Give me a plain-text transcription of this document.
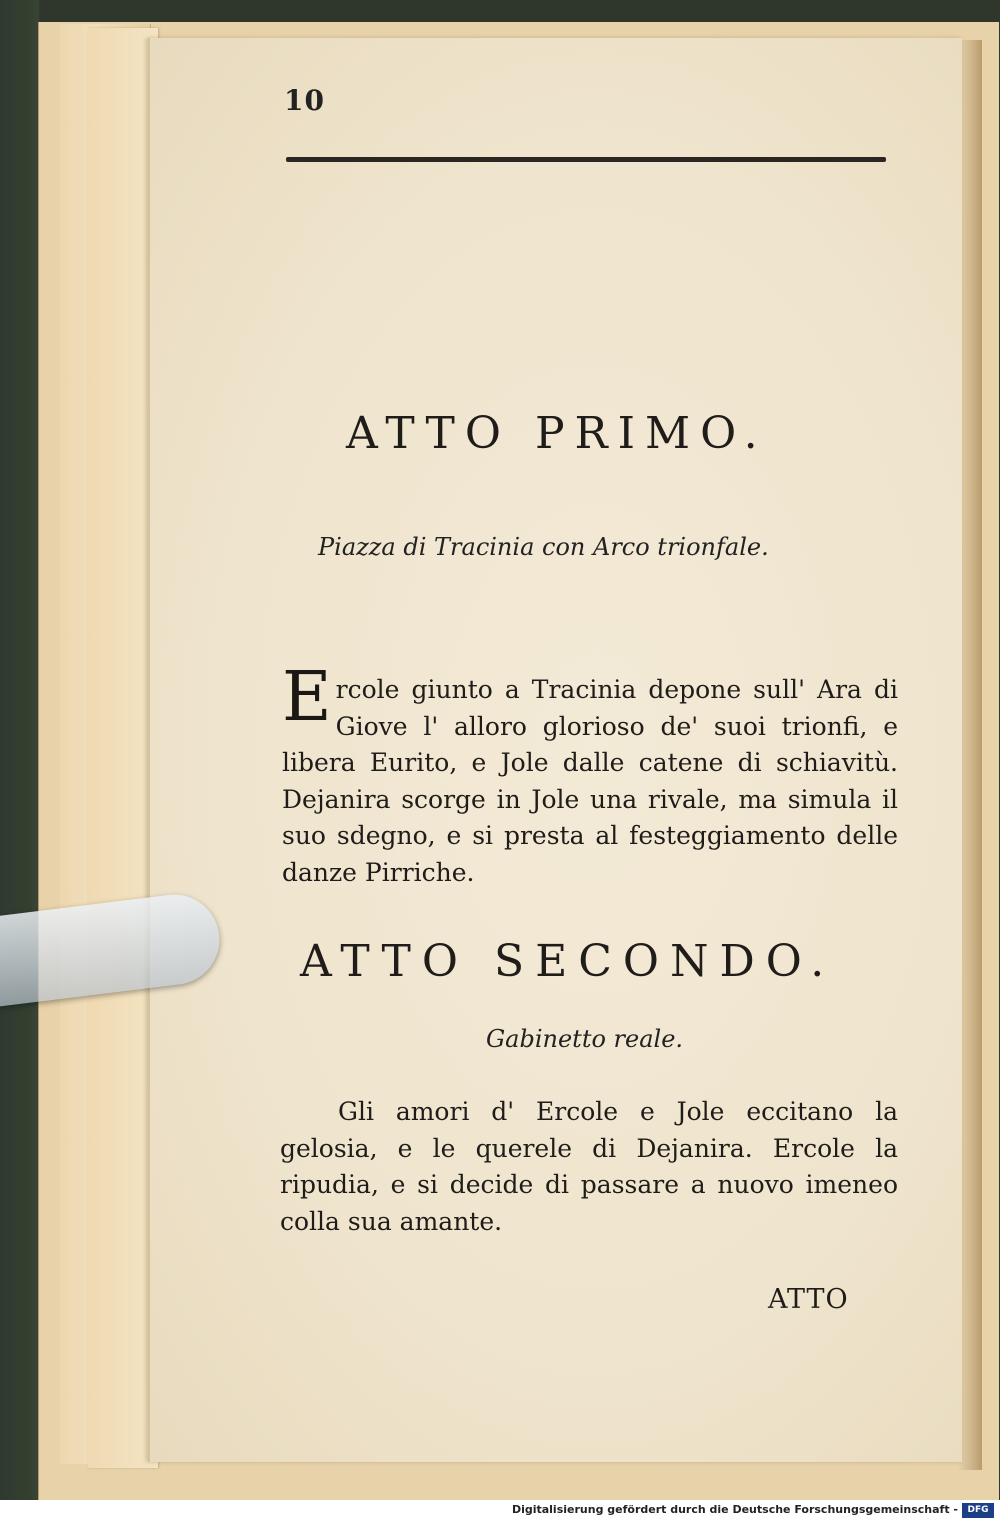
10
ATTO PRIMO.
Piazza di Tracinia con Arco trionfale.
Ercole giunto a Tracinia depone sull' Ara di Giove l' alloro glorioso de' suoi trionfi, e libera Eurito, e Jole dalle catene di schiavitù. Dejanira scorge in Jole una rivale, ma simula il suo sdegno, e si presta al festeggiamento delle danze Pirriche.
ATTO SECONDO.
Gabinetto reale.
Gli amori d' Ercole e Jole eccitano la gelosia, e le querele di Dejanira. Ercole la ripudia, e si decide di passare a nuovo imeneo colla sua amante.
ATTO
Digitalisierung gefördert durch die Deutsche Forschungsgemeinschaft -	DFG
